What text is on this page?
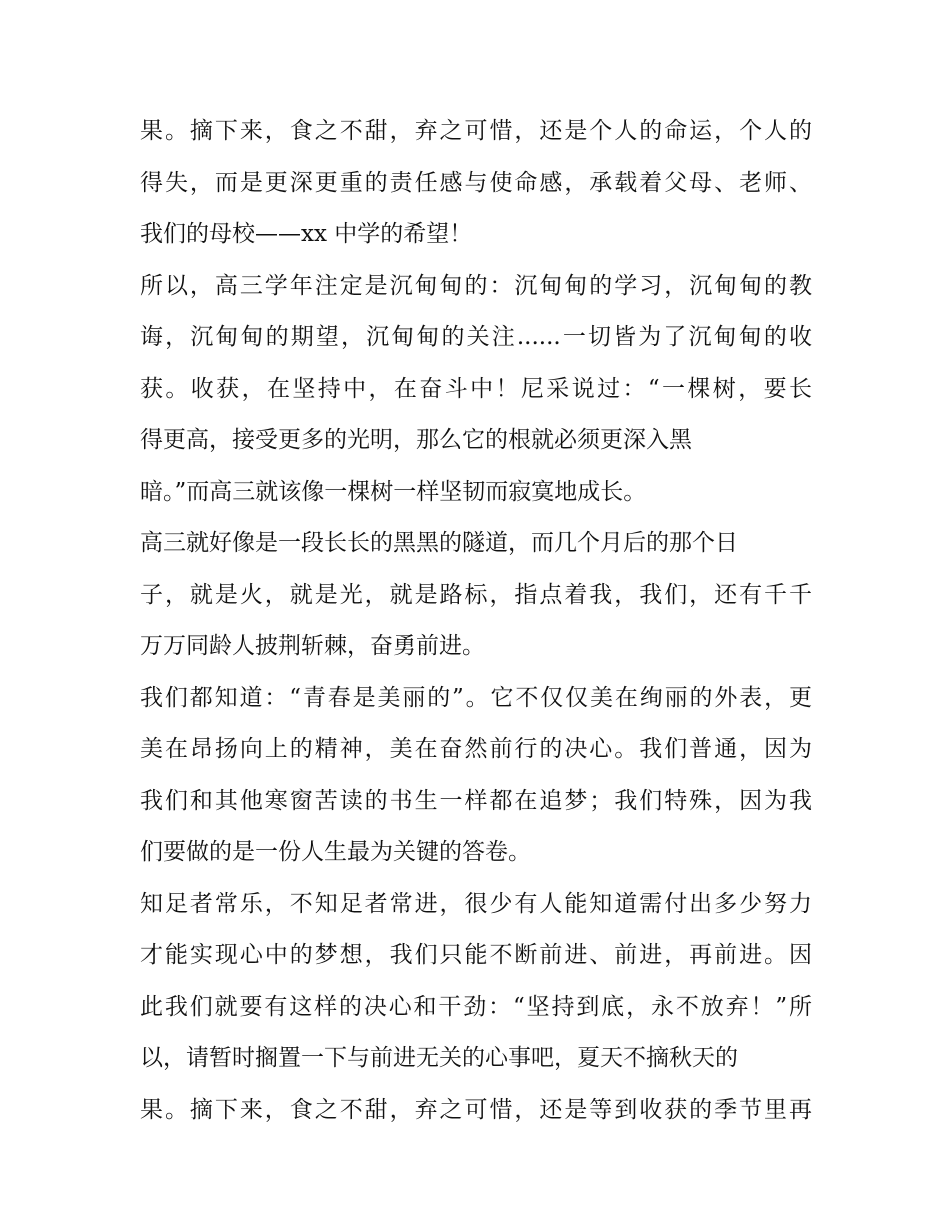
果。摘下来，食之不甜，弃之可惜，还是个人的命运，个人的
得失，而是更深更重的责任感与使命感，承载着父母、老师、
我们的母校——xx 中学的希望！
所以，高三学年注定是沉甸甸的：沉甸甸的学习，沉甸甸的教
诲，沉甸甸的期望，沉甸甸的关注......一切皆为了沉甸甸的收
获。收获，在坚持中，在奋斗中！尼采说过：“一棵树，要长
得更高，接受更多的光明，那么它的根就必须更深入黑
暗。”而高三就该像一棵树一样坚韧而寂寞地成长。
高三就好像是一段长长的黑黑的隧道，而几个月后的那个日
子，就是火，就是光，就是路标，指点着我，我们，还有千千
万万同龄人披荆斩棘，奋勇前进。
我们都知道：“青春是美丽的”。它不仅仅美在绚丽的外表，更
美在昂扬向上的精神，美在奋然前行的决心。我们普通，因为
我们和其他寒窗苦读的书生一样都在追梦；我们特殊，因为我
们要做的是一份人生最为关键的答卷。
知足者常乐，不知足者常进，很少有人能知道需付出多少努力
才能实现心中的梦想，我们只能不断前进、前进，再前进。因
此我们就要有这样的决心和干劲：“坚持到底，永不放弃！”所
以，请暂时搁置一下与前进无关的心事吧，夏天不摘秋天的
果。摘下来，食之不甜，弃之可惜，还是等到收获的季节里再
